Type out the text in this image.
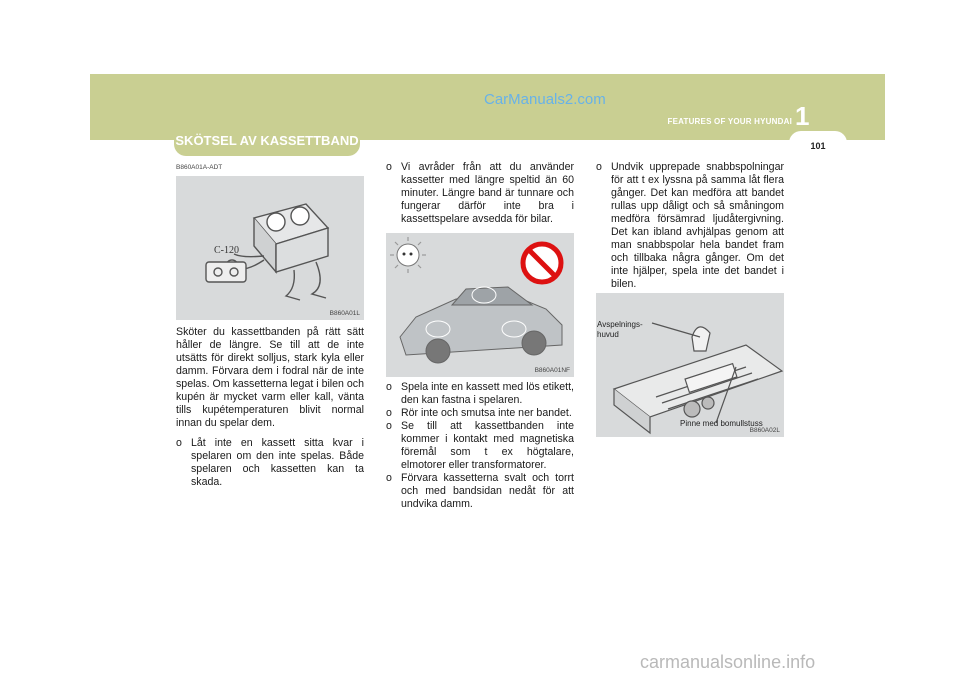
CarManuals2.com
1
FEATURES OF YOUR HYUNDAI
SKÖTSEL AV KASSETTBAND	101
B860A01A-ADT
C-120
B860A01L

Sköter du kassettbanden på rätt sätt håller de längre. Se till att de inte utsätts för direkt solljus, stark kyla eller damm. Förvara dem i fodral när de inte spelas. Om kassetterna legat i bilen och kupén är mycket varm eller kall, vänta tills kupétemperaturen blivit normal innan du spelar dem.

o Låt inte en kassett sitta kvar i spelaren om den inte spelas. Både spelaren och kassetten kan ta skada.

o Vi avråder från att du använder kassetter med längre speltid än 60 minuter. Längre band är tunnare och fungerar därför inte bra i kassettspelare avsedda för bilar.

B860A01NF

o Spela inte en kassett med lös etikett, den kan fastna i spelaren.

o Rör inte och smutsa inte ner bandet.

o Se till att kassettbanden inte kommer i kontakt med magnetiska föremål som t ex högtalare, elmotorer eller transformatorer.

o Förvara kassetterna svalt och torrt och med bandsidan nedåt för att undvika damm.

o Undvik upprepade snabbspolningar för att t ex lyssna på samma låt flera gånger. Det kan medföra att bandet rullas upp dåligt och så småningom medföra försämrad ljudåtergivning. Det kan ibland avhjälpas genom att man snabbspolar hela bandet fram och tillbaka några gånger. Om det inte hjälper, spela inte det bandet i bilen.

Avspelnings-
huvud
Pinne med bomullstuss
B860A02L
carmanualsonline.info
